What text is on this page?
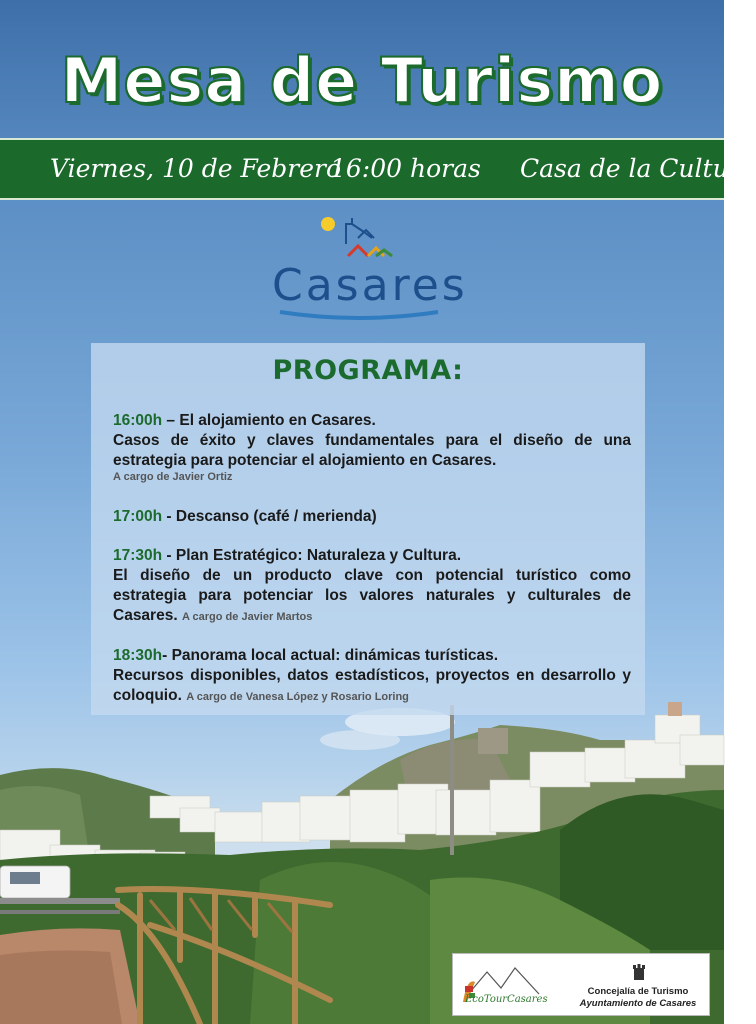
Mesa de Turismo
Viernes, 10 de Febrero
16:00 horas Casa de la Cultura
Casares
PROGRAMA:
16:00h – El alojamiento en Casares.
Casos de éxito y claves fundamentales para el diseño de una estrategia para potenciar el alojamiento en Casares.
A cargo de Javier Ortiz
17:00h - Descanso (café / merienda)
17:30h - Plan Estratégico: Naturaleza y Cultura.
El diseño de un producto clave con potencial turístico como estrategia para potenciar los valores naturales y culturales de Casares. A cargo de Javier Martos
18:30h- Panorama local actual: dinámicas turísticas.
Recursos disponibles, datos estadísticos, proyectos en desarrollo y coloquio. A cargo de Vanesa López y Rosario Loring
EcoTourCasares
Concejalía de Turismo
Ayuntamiento de Casares
